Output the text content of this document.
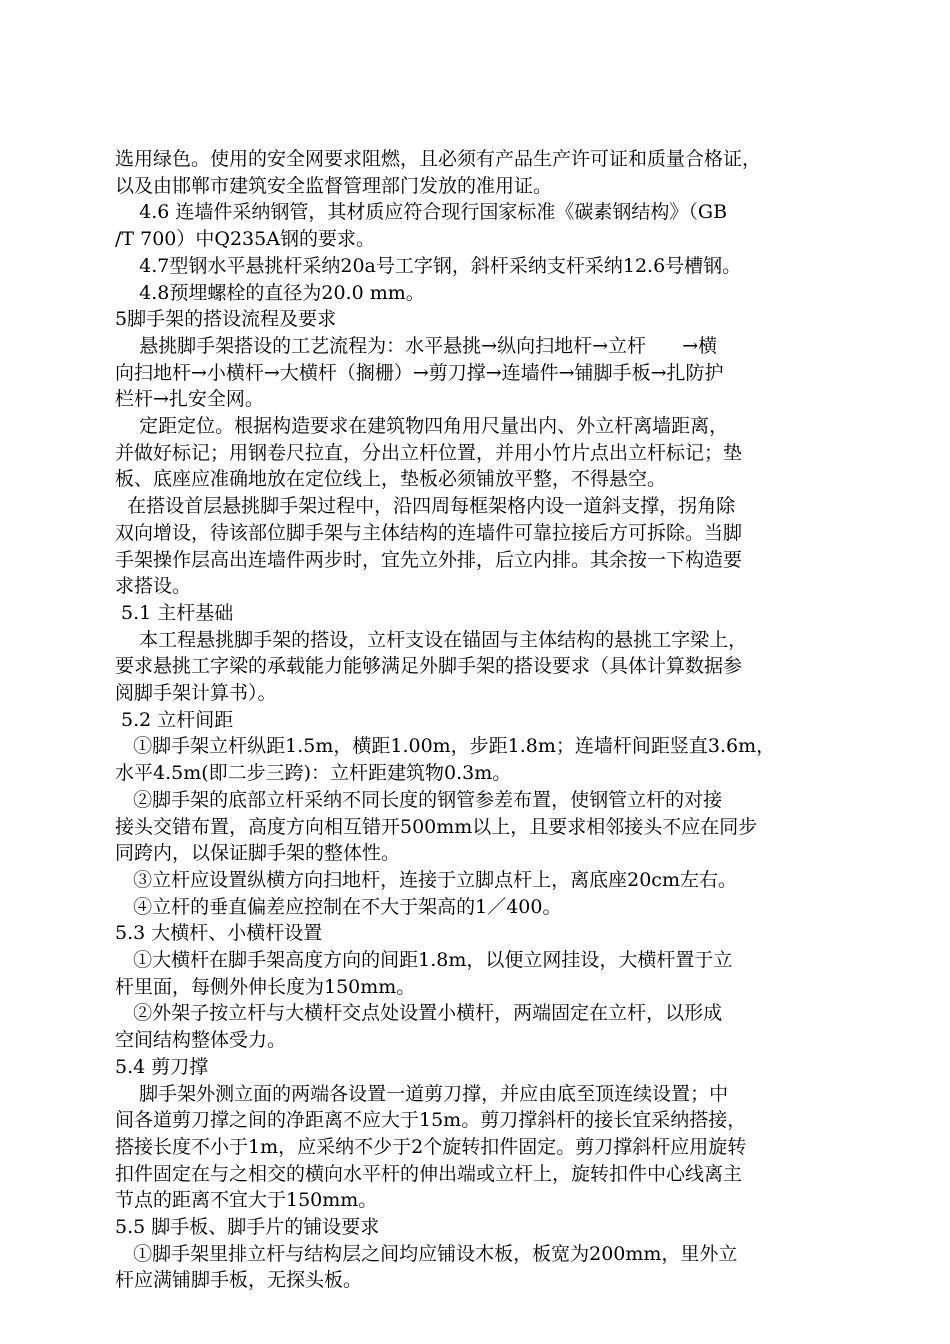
选用绿色。使用的安全网要求阻燃，且必须有产品生产许可证和质量合格证，
以及由邯郸市建筑安全监督管理部门发放的准用证。
4.6 连墙件采纳钢管，其材质应符合现行国家标准《碳素钢结构》（GB
/T 700）中Q235A钢的要求。
4.7型钢水平悬挑杆采纳20a号工字钢，斜杆采纳支杆采纳12.6号槽钢。
4.8预埋螺栓的直径为20.0 mm。
5脚手架的搭设流程及要求
悬挑脚手架搭设的工艺流程为：水平悬挑→纵向扫地杆→立杆      →横
向扫地杆→小横杆→大横杆（搁栅）→剪刀撑→连墙件→铺脚手板→扎防护
栏杆→扎安全网。
定距定位。根据构造要求在建筑物四角用尺量出内、外立杆离墙距离，
并做好标记；用钢卷尺拉直，分出立杆位置，并用小竹片点出立杆标记；垫
板、底座应准确地放在定位线上，垫板必须铺放平整，不得悬空。
在搭设首层悬挑脚手架过程中，沿四周每框架格内设一道斜支撑，拐角除
双向增设，待该部位脚手架与主体结构的连墙件可靠拉接后方可拆除。当脚
手架操作层高出连墙件两步时，宜先立外排，后立内排。其余按一下构造要
求搭设。
5.1 主杆基础
本工程悬挑脚手架的搭设，立杆支设在锚固与主体结构的悬挑工字梁上，
要求悬挑工字梁的承载能力能够满足外脚手架的搭设要求（具体计算数据参
阅脚手架计算书）。
5.2 立杆间距
①脚手架立杆纵距1.5m，横距1.00m，步距1.8m；连墙杆间距竖直3.6m，
水平4.5m(即二步三跨)：立杆距建筑物0.3m。
②脚手架的底部立杆采纳不同长度的钢管参差布置，使钢管立杆的对接
接头交错布置，高度方向相互错开500mm以上，且要求相邻接头不应在同步
同跨内，以保证脚手架的整体性。
③立杆应设置纵横方向扫地杆，连接于立脚点杆上，离底座20cm左右。
④立杆的垂直偏差应控制在不大于架高的1／400。
5.3 大横杆、小横杆设置
①大横杆在脚手架高度方向的间距1.8m，以便立网挂设，大横杆置于立
杆里面，每侧外伸长度为150mm。
②外架子按立杆与大横杆交点处设置小横杆，两端固定在立杆，以形成
空间结构整体受力。
5.4 剪刀撑
脚手架外测立面的两端各设置一道剪刀撑，并应由底至顶连续设置；中
间各道剪刀撑之间的净距离不应大于15m。剪刀撑斜杆的接长宜采纳搭接，
搭接长度不小于1m，应采纳不少于2个旋转扣件固定。剪刀撑斜杆应用旋转
扣件固定在与之相交的横向水平杆的伸出端或立杆上，旋转扣件中心线离主
节点的距离不宜大于150mm。
5.5 脚手板、脚手片的铺设要求
①脚手架里排立杆与结构层之间均应铺设木板，板宽为200mm，里外立
杆应满铺脚手板，无探头板。
